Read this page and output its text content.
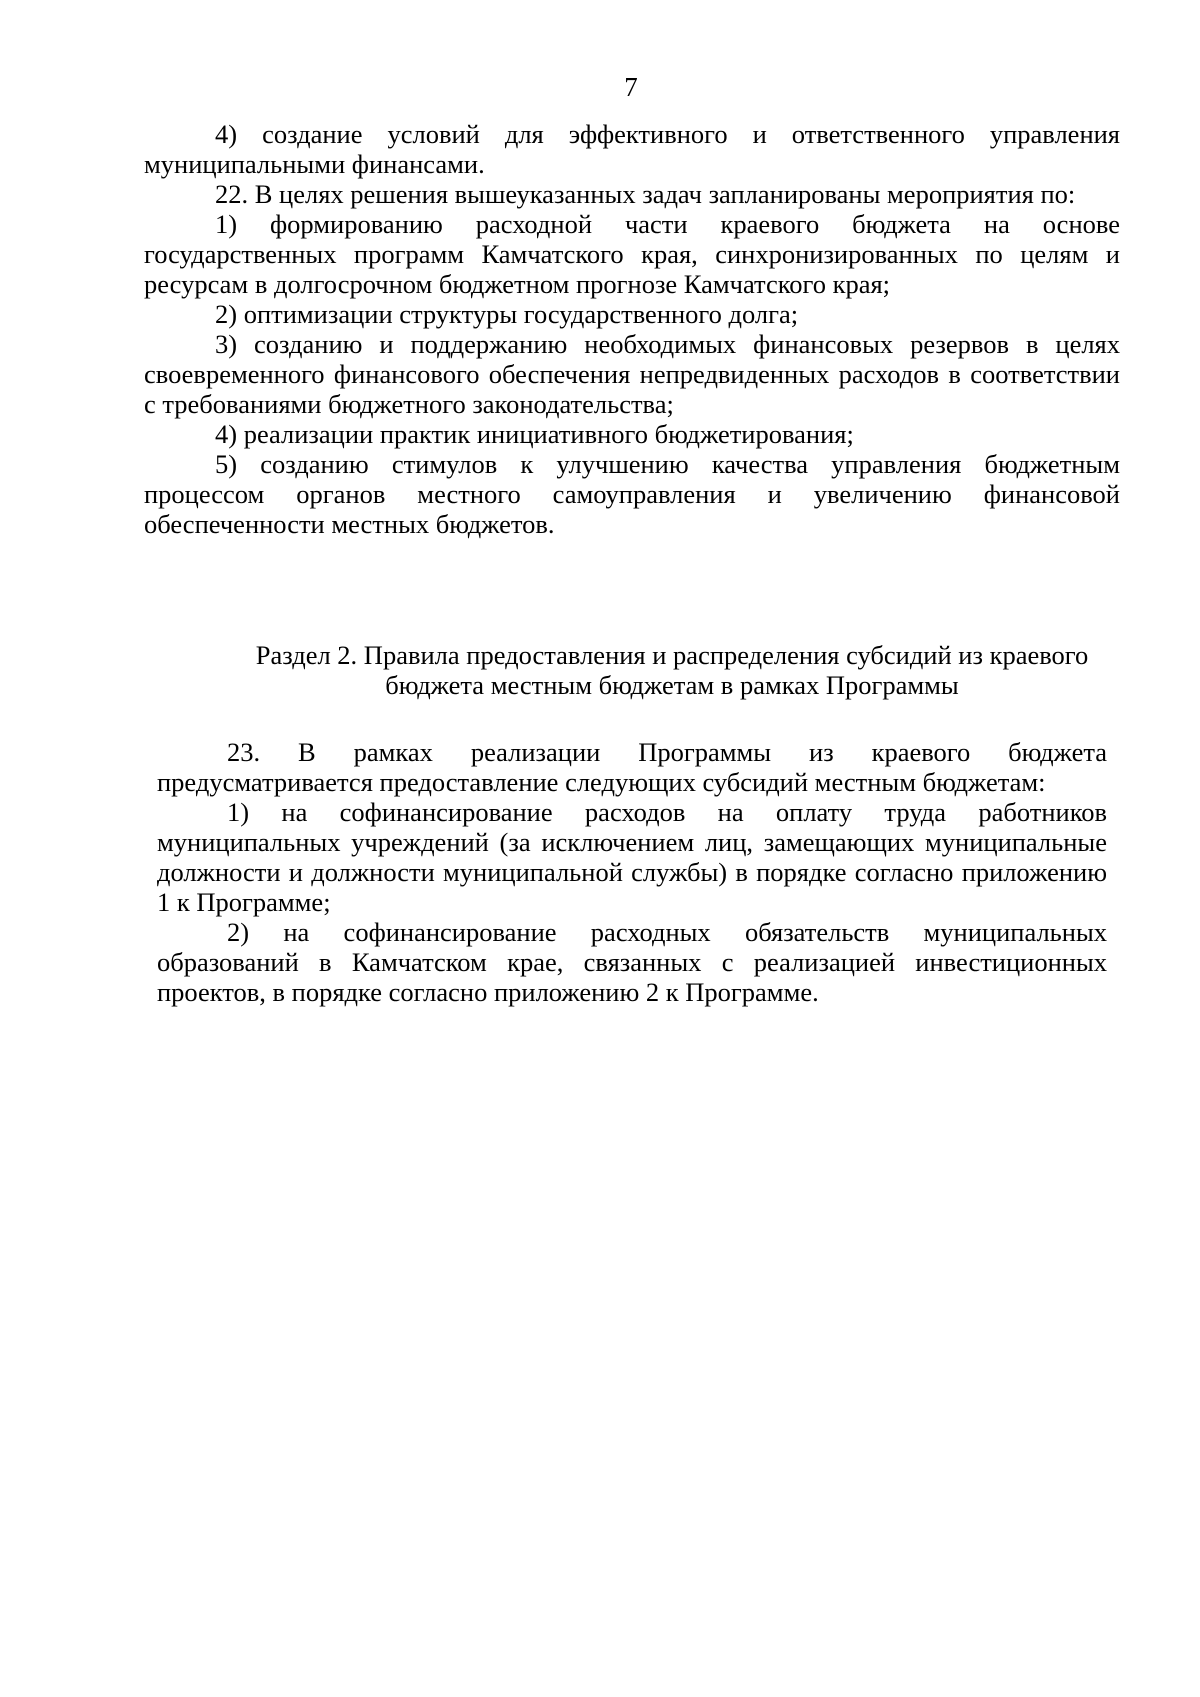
7

4) создание условий для эффективного и ответственного управления муниципальными финансами.

22. В целях решения вышеуказанных задач запланированы мероприятия по:

1) формированию расходной части краевого бюджета на основе государственных программ Камчатского края, синхронизированных по целям и ресурсам в долгосрочном бюджетном прогнозе Камчатского края;

2) оптимизации структуры государственного долга;

3) созданию и поддержанию необходимых финансовых резервов в целях своевременного финансового обеспечения непредвиденных расходов в соответствии с требованиями бюджетного законодательства;

4) реализации практик инициативного бюджетирования;

5) созданию стимулов к улучшению качества управления бюджетным процессом органов местного самоуправления и увеличению финансовой обеспеченности местных бюджетов.

Раздел 2. Правила предоставления и распределения субсидий из краевого
бюджета местным бюджетам в рамках Программы

23. В рамках реализации Программы из краевого бюджета предусматривается предоставление следующих субсидий местным бюджетам:

1) на софинансирование расходов на оплату труда работников муниципальных учреждений (за исключением лиц, замещающих муниципальные должности и должности муниципальной службы) в порядке согласно приложению 1 к Программе;

2) на софинансирование расходных обязательств муниципальных образований в Камчатском крае, связанных с реализацией инвестиционных проектов, в порядке согласно приложению 2 к Программе.
